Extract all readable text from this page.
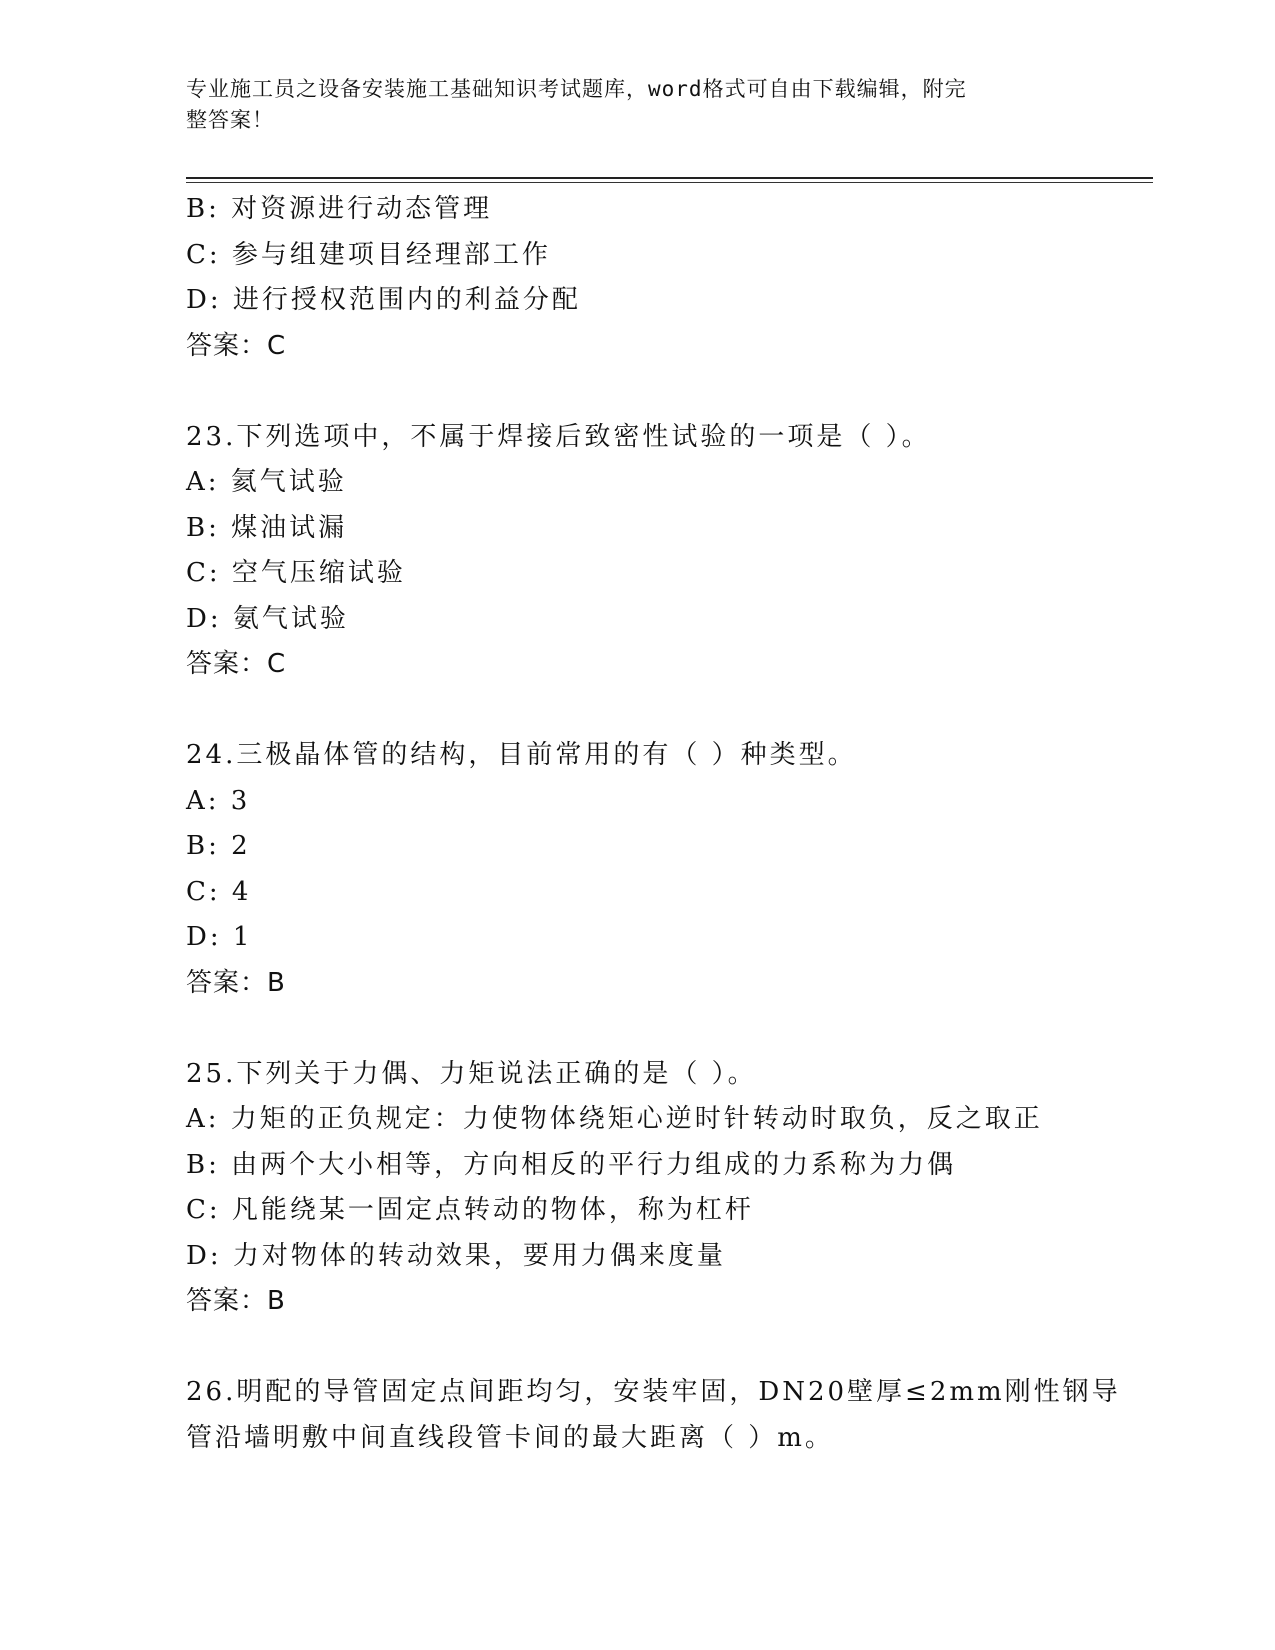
专业施工员之设备安装施工基础知识考试题库，word格式可自由下载编辑，附完
整答案！
B: 对资源进行动态管理
C: 参与组建项目经理部工作
D: 进行授权范围内的利益分配
答案：C
23.下列选项中，不属于焊接后致密性试验的一项是（ ）。
A: 氦气试验
B: 煤油试漏
C: 空气压缩试验
D: 氨气试验
答案：C
24.三极晶体管的结构，目前常用的有（ ）种类型。
A: 3
B: 2
C: 4
D: 1
答案：B
25.下列关于力偶、力矩说法正确的是（ ）。
A: 力矩的正负规定：力使物体绕矩心逆时针转动时取负，反之取正
B: 由两个大小相等，方向相反的平行力组成的力系称为力偶
C: 凡能绕某一固定点转动的物体，称为杠杆
D: 力对物体的转动效果，要用力偶来度量
答案：B
26.明配的导管固定点间距均匀，安装牢固，DN20壁厚≤2mm刚性钢导
管沿墙明敷中间直线段管卡间的最大距离（ ）m。
